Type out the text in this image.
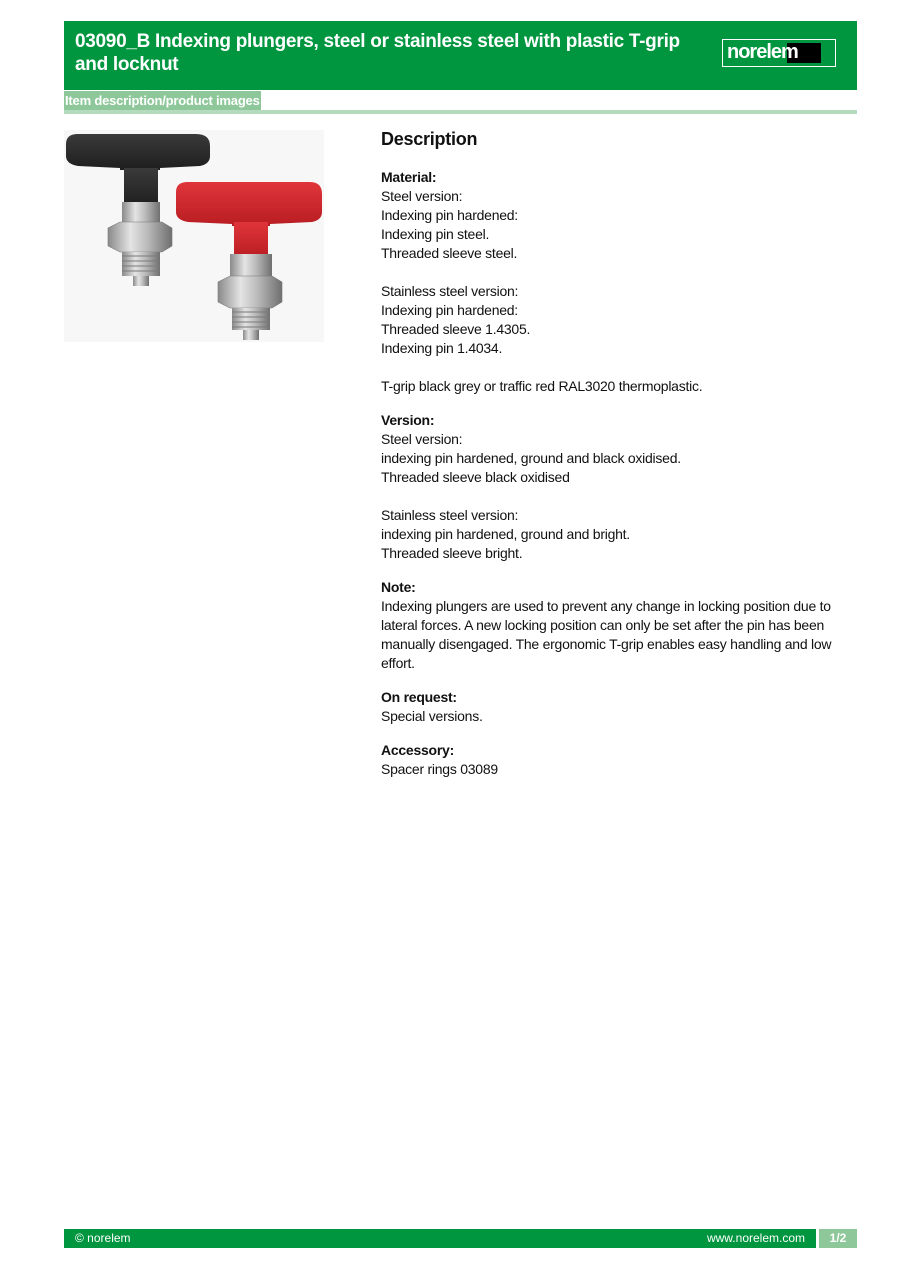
03090_B Indexing plungers, steel or stainless steel with plastic T-grip and locknut
norelem
Item description/product images
Description
Material:
Steel version:
Indexing pin hardened:
Indexing pin steel.
Threaded sleeve steel.
Stainless steel version:
Indexing pin hardened:
Threaded sleeve 1.4305.
Indexing pin 1.4034.
T-grip black grey or traffic red RAL3020 thermoplastic.
Version:
Steel version:
indexing pin hardened, ground and black oxidised.
Threaded sleeve black oxidised
Stainless steel version:
indexing pin hardened, ground and bright.
Threaded sleeve bright.
Note:
Indexing plungers are used to prevent any change in locking position due to lateral forces. A new locking position can only be set after the pin has been manually disengaged. The ergonomic T-grip enables easy handling and low effort.
On request:
Special versions.
Accessory:
Spacer rings 03089
© norelem	www.norelem.com	1/2
